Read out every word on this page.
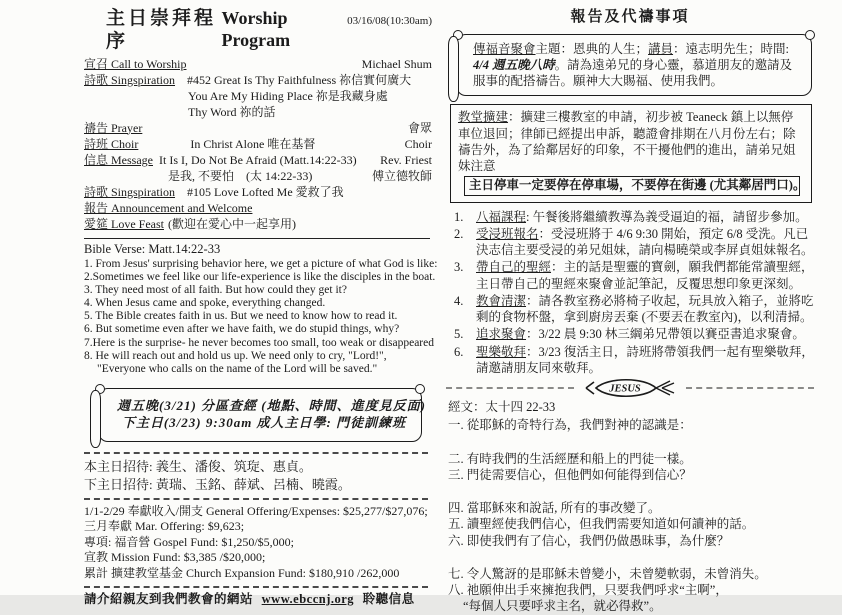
主日崇拜程序
Worship Program
03/16/08(10:30am)
宣召 Call to Worship	Michael Shum
詩歌 Singspiration #452 Great Is Thy Faithfulness 祢信實何廣大
You Are My Hiding Place 祢是我藏身處
Thy Word 祢的話
禱告 Prayer	會眾
詩班 Choir	In Christ Alone 唯在基督	Choir
信息 Message It Is I, Do Not Be Afraid (Matt.14:22-33) Rev. Friest
是我, 不要怕　(太 14:22-33)	傅立德牧師
詩歌 Singspiration #105 Love Lofted Me 愛救了我
報告 Announcement and Welcome
愛筵 Love Feast (歡迎在愛心中一起享用)
Bible Verse: Matt.14:22-33
1. From Jesus' surprising behavior here, we get a picture of what God is like:
2.Sometimes we feel like our life-experience is like the disciples in the boat.
3. They need most of all faith. But how could they get it?
4. When Jesus came and spoke, everything changed.
5. The Bible creates faith in us. But we need to know how to read it.
6. But sometime even after we have faith, we do stupid things, why?
7.Here is the surprise- he never becomes too small, too weak or disappeared
8. He will reach out and hold us up. We need only to cry, "Lord!",
"Everyone who calls on the name of the Lord will be saved."
週五晚(3/21) 分區查經 (地點、時間、進度見反面)
下主日(3/23) 9:30am 成人主日學: 門徒訓練班
本主日招待: 義生、潘俊、筑琁、惠貞。
下主日招待: 黃瑞、玉銘、薛斌、呂楠、曉霞。
1/1-2/29 奉獻收入/開支 General Offering/Expenses: $25,277/$27,076;
三月奉獻 Mar. Offering: $9,623;
專項: 福音營 Gospel Fund: $1,250/$5,000;
宣教 Mission Fund: $3,385 /$20,000;
累計 擴建教堂基金 Church Expansion Fund: $180,910 /262,000
請介紹親友到我們教會的網站 www.ebccnj.org 聆聽信息
報告及代禱事項
傳福音聚會主題：恩典的人生；講員：遠志明先生；時間: 4/4 週五晚八時。請為遠弟兄的身心靈，慕道朋友的邀請及服事的配搭禱告。願神大大賜福、使用我們。
教堂擴建：擴建三樓教室的申請，初步被 Teaneck 鎮上以無停車位退回；律師已經提出申訴，聽證會排期在八月份左右；除禱告外，為了給鄰居好的印象，不干擾他們的進出，請弟兄姐妹注意
主日停車一定要停在停車場，不要停在街邊 (尤其鄰居門口)。
1.	八福課程: 午餐後將繼續教導為義受逼迫的福，請留步參加。
2.	受浸班報名：受浸班將于 4/6 9:30 開始，預定 6/8 受洗。凡已決志信主要受浸的弟兄姐妹，請向楊曉榮或李屏貞姐妹報名。
3.	帶自己的聖經：主的話是聖靈的寶劍，願我們都能常讀聖經，主日帶自己的聖經來聚會並記筆記，反覆思想印象更深刻。
4.	教會清潔：請各教室務必將椅子收起，玩具放入箱子，並將吃剩的食物杯盤，拿到廚房丟棄 (不要丟在教室內)，以利清掃。
5.	追求聚會：3/22 晨 9:30 林三綱弟兄帶領以賽亞書追求聚會。
6.	聖樂敬拜：3/23 復活主日，詩班將帶領我們一起有聖樂敬拜，請邀請朋友同來敬拜。
JESUS
經文：太十四 22-33
一. 從耶穌的奇特行為，我們對神的認識是：
二. 有時我們的生活經歷和船上的門徒一樣。
三. 門徒需要信心，但他們如何能得到信心？
四. 當耶穌來和說話, 所有的事改變了。
五. 讀聖經使我們信心，但我們需要知道如何讀神的話。
六. 即使我們有了信心，我們仍做愚昧事，為什麼？
七. 令人驚訝的是耶穌未曾變小，未曾變軟弱，未曾消失。
八. 祂願伸出手來擁抱我們，只要我們呼求“主啊”，
“每個人只要呼求主名，就必得救”。
